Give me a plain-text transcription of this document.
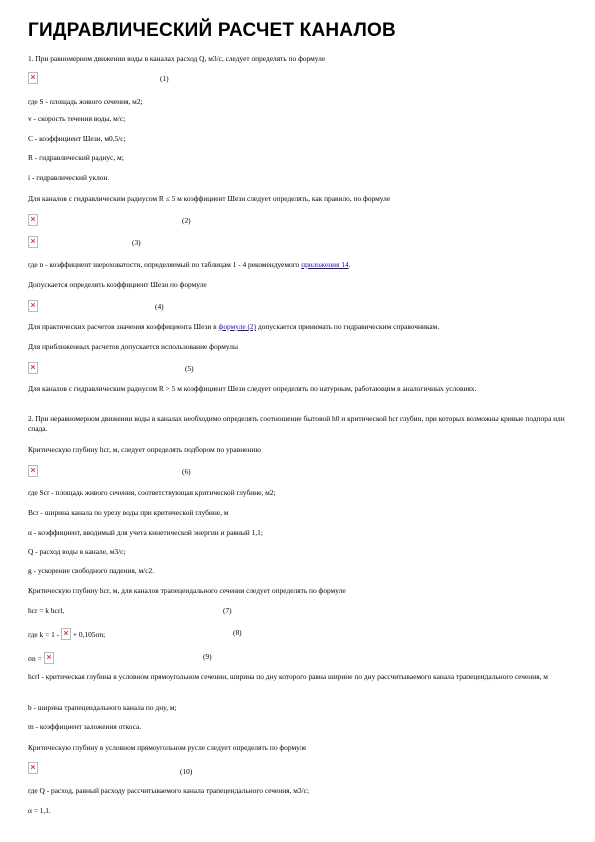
ГИДРАВЛИЧЕСКИЙ РАСЧЕТ КАНАЛОВ
1. При равномерном движении воды в каналах расход Q, м3/с, следует определять по формуле
(1)
где S - площадь живого сечения, м2;
v - скорость течения воды, м/с;
С - коэффициент Шези, м0,5/с;
R - гидравлический радиус, м;
i - гидравлический уклон.
Для каналов с гидравлическим радиусом R ≤ 5 м коэффициент Шези следует определять, как правило, по формуле
(2)
(3)
где n - коэффициент шероховатости, определяемый по таблицам 1 - 4 рекомендуемого приложения 14.
Допускается определять коэффициент Шези по формуле
(4)
Для практических расчетов значения коэффициента Шези в формуле (2) допускается принимать по гидравическим справочникам.
Для приближенных расчетов допускается использование формулы
(5)
Для каналов с гидравлическим радиусом R > 5 м коэффициент Шези следует определять по натурным, работающим в аналогичных условиях.
2. При неравномерном движении воды в каналах необходимо определять соотношение бытовой h0 и критической hcr глубин, при которых возможны кривые подпора или спада.
Критическую глубину hcr, м, следует определять подбором по уравнению
(6)
где Scr - площадь живого сечения, соответствующая критической глубине, м2;
Bcr - ширина канала по урезу воды при критической глубине, м
α - коэффициент, вводимый для учета кинетической энергии и равный 1,1;
Q - расход воды в канале, м3/с;
g - ускорение свободного падения, м/с2.
Критическую глубину hcr, м, для каналов трапецеидального сечения следует определять по формуле
hcr = k hcrl,	(7)
где k = 1 - + 0,105σn;	(8)
σn =	(9)
hcrl - критическая глубина в условном прямоугольном сечении, ширина по дну которого равна ширине по дну рассчитываемого канала трапецеидального сечения, м
b - ширина трапецеидального канала по дну, м;
m - коэффициент заложения откоса.
Критическую глубину в условном прямоугольном русле следует определять по формуле
(10)
где Q - расход, равный расходу рассчитываемого канала трапецеидального сечения, м3/с;
α = 1,1.
